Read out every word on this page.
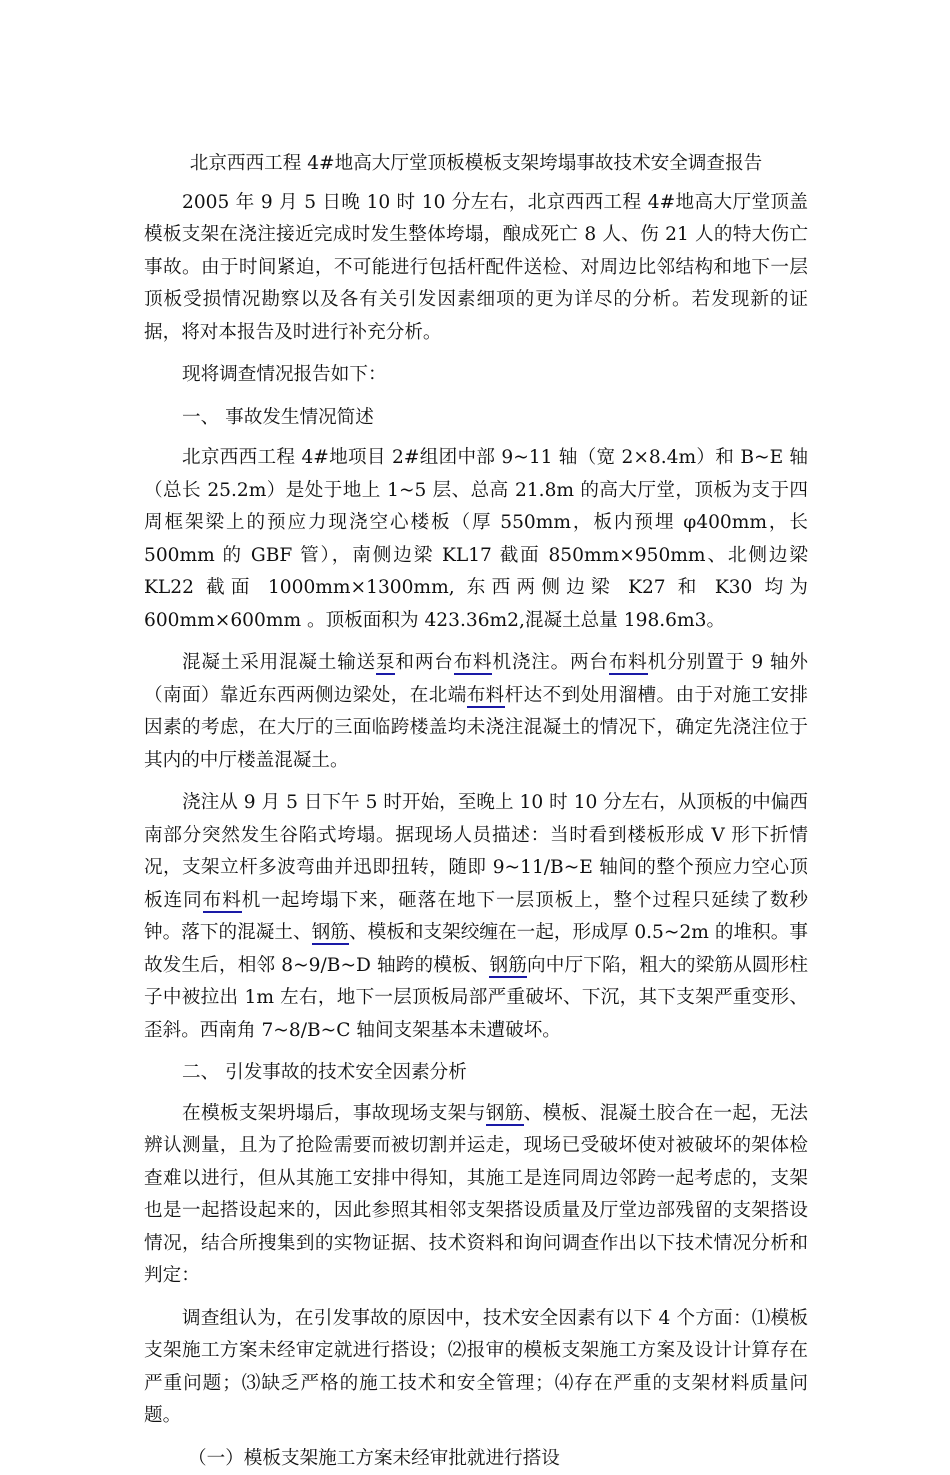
北京西西工程 4#地高大厅堂顶板模板支架垮塌事故技术安全调查报告

2005 年 9 月 5 日晚 10 时 10 分左右，北京西西工程 4#地高大厅堂顶盖模板支架在浇注接近完成时发生整体垮塌，酿成死亡 8 人、伤 21 人的特大伤亡事故。由于时间紧迫，不可能进行包括杆配件送检、对周边比邻结构和地下一层顶板受损情况勘察以及各有关引发因素细项的更为详尽的分析。若发现新的证据，将对本报告及时进行补充分析。

现将调查情况报告如下：

一、 事故发生情况简述

北京西西工程 4#地项目 2#组团中部 9~11 轴（宽 2×8.4m）和 B~E 轴（总长 25.2m）是处于地上 1~5 层、总高 21.8m 的高大厅堂，顶板为支于四周框架梁上的预应力现浇空心楼板（厚 550mm，板内预埋 φ400mm，长 500mm 的 GBF 管），南侧边梁 KL17 截面 850mm×950mm、北侧边梁 KL22 截面 1000mm×1300mm, 东西两侧边梁 K27 和 K30 均为 600mm×600mm 。顶板面积为 423.36m2,混凝土总量 198.6m3。

混凝土采用混凝土输送泵和两台布料机浇注。两台布料机分别置于 9 轴外（南面）靠近东西两侧边梁处，在北端布料杆达不到处用溜槽。由于对施工安排因素的考虑，在大厅的三面临跨楼盖均未浇注混凝土的情况下，确定先浇注位于其内的中厅楼盖混凝土。

浇注从 9 月 5 日下午 5 时开始，至晚上 10 时 10 分左右，从顶板的中偏西南部分突然发生谷陷式垮塌。据现场人员描述：当时看到楼板形成 V 形下折情况，支架立杆多波弯曲并迅即扭转，随即 9~11/B~E 轴间的整个预应力空心顶板连同布料机一起垮塌下来，砸落在地下一层顶板上，整个过程只延续了数秒钟。落下的混凝土、钢筋、模板和支架绞缠在一起，形成厚 0.5~2m 的堆积。事故发生后，相邻 8~9/B~D 轴跨的模板、钢筋向中厅下陷，粗大的梁筋从圆形柱子中被拉出 1m 左右，地下一层顶板局部严重破坏、下沉，其下支架严重变形、歪斜。西南角 7~8/B~C 轴间支架基本未遭破坏。

二、 引发事故的技术安全因素分析

在模板支架坍塌后，事故现场支架与钢筋、模板、混凝土胶合在一起，无法辨认测量，且为了抢险需要而被切割并运走，现场已受破坏使对被破坏的架体检查难以进行，但从其施工安排中得知，其施工是连同周边邻跨一起考虑的，支架也是一起搭设起来的，因此参照其相邻支架搭设质量及厅堂边部残留的支架搭设情况，结合所搜集到的实物证据、技术资料和询问调查作出以下技术情况分析和判定：

调查组认为，在引发事故的原因中，技术安全因素有以下 4 个方面：⑴模板支架施工方案未经审定就进行搭设；⑵报审的模板支架施工方案及设计计算存在严重问题；⑶缺乏严格的施工技术和安全管理；⑷存在严重的支架材料质量问题。

（一）模板支架施工方案未经审批就进行搭设
